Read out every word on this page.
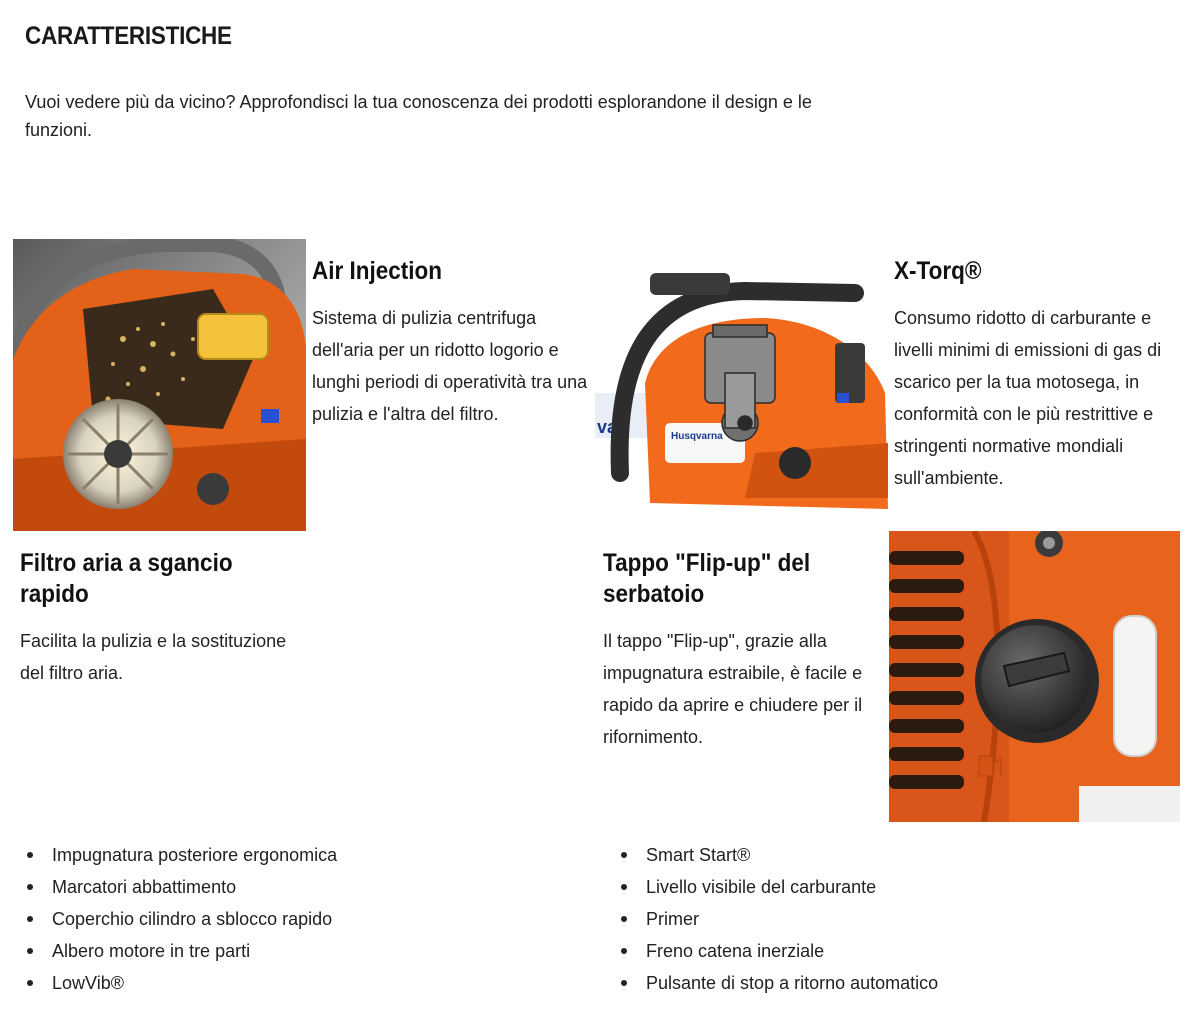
CARATTERISTICHE

Vuoi vedere più da vicino? Approfondisci la tua conoscenza dei prodotti esplorandone il design e le funzioni.

Air Injection

Sistema di pulizia centrifuga dell'aria per un ridotto logorio e lunghi periodi di operatività tra una pulizia e l'altra del filtro.

vari	Husqvarna
X-Torq®

Consumo ridotto di carburante e livelli minimi di emissioni di gas di scarico per la tua motosega, in conformità con le più restrittive e stringenti normative mondiali sull'ambiente.

Filtro aria a sgancio rapido

Facilita la pulizia e la sostituzione del filtro aria.

Tappo "Flip-up" del serbatoio

Il tappo "Flip-up", grazie alla impugnatura estraibile, è facile e rapido da aprire e chiudere per il rifornimento.

Impugnatura posteriore ergonomica
Marcatori abbattimento
Coperchio cilindro a sblocco rapido
Albero motore in tre parti
LowVib®
Smart Start®
Livello visibile del carburante
Primer
Freno catena inerziale
Pulsante di stop a ritorno automatico
